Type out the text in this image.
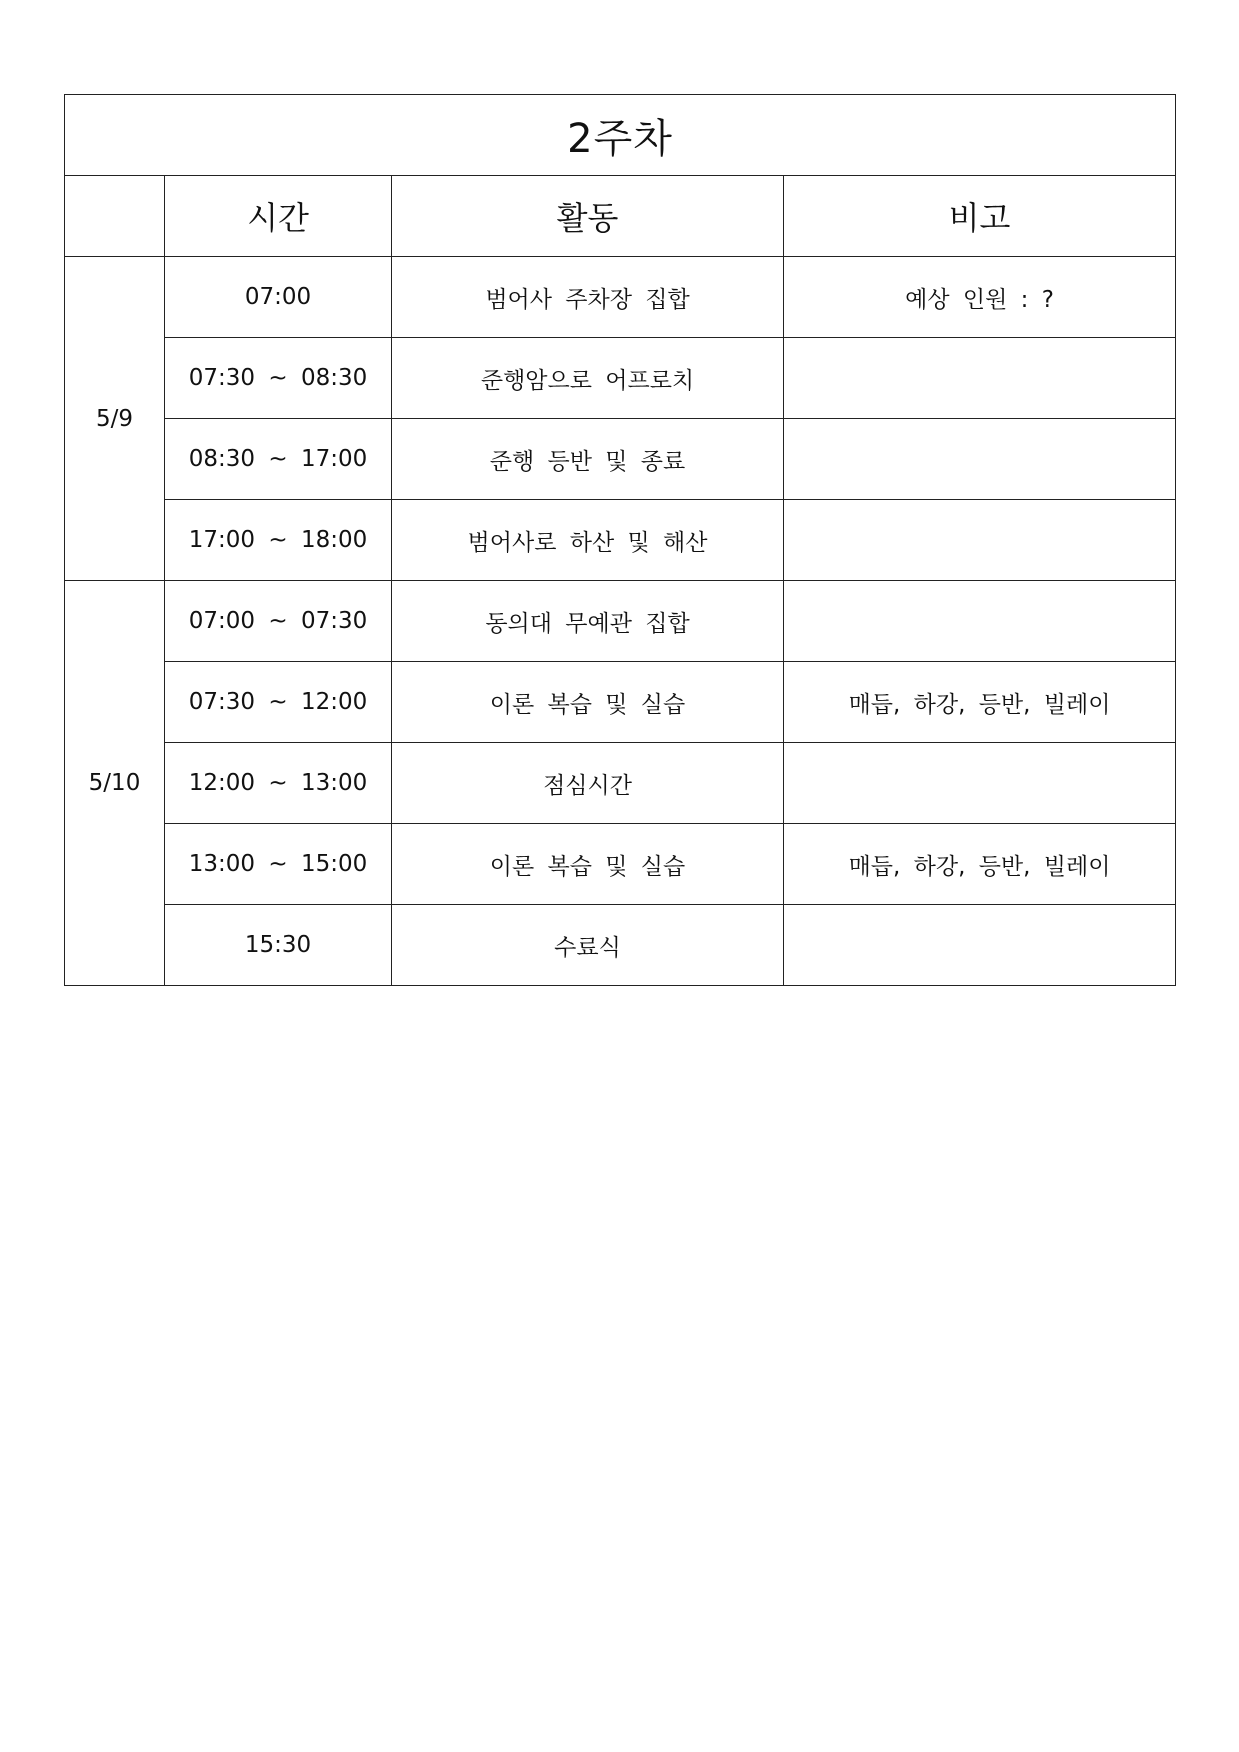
2주차			
	시간	활동	비고
5/9	07:00	범어사 주차장 집합	예상 인원 : ?
	07:30 ~ 08:30	준행암으로 어프로치	
	08:30 ~ 17:00	준행 등반 및 종료	
	17:00 ~ 18:00	범어사로 하산 및 해산	
5/10	07:00 ~ 07:30	동의대 무예관 집합	
	07:30 ~ 12:00	이론 복습 및 실습	매듭, 하강, 등반, 빌레이
	12:00 ~ 13:00	점심시간	
	13:00 ~ 15:00	이론 복습 및 실습	매듭, 하강, 등반, 빌레이
	15:30	수료식	
